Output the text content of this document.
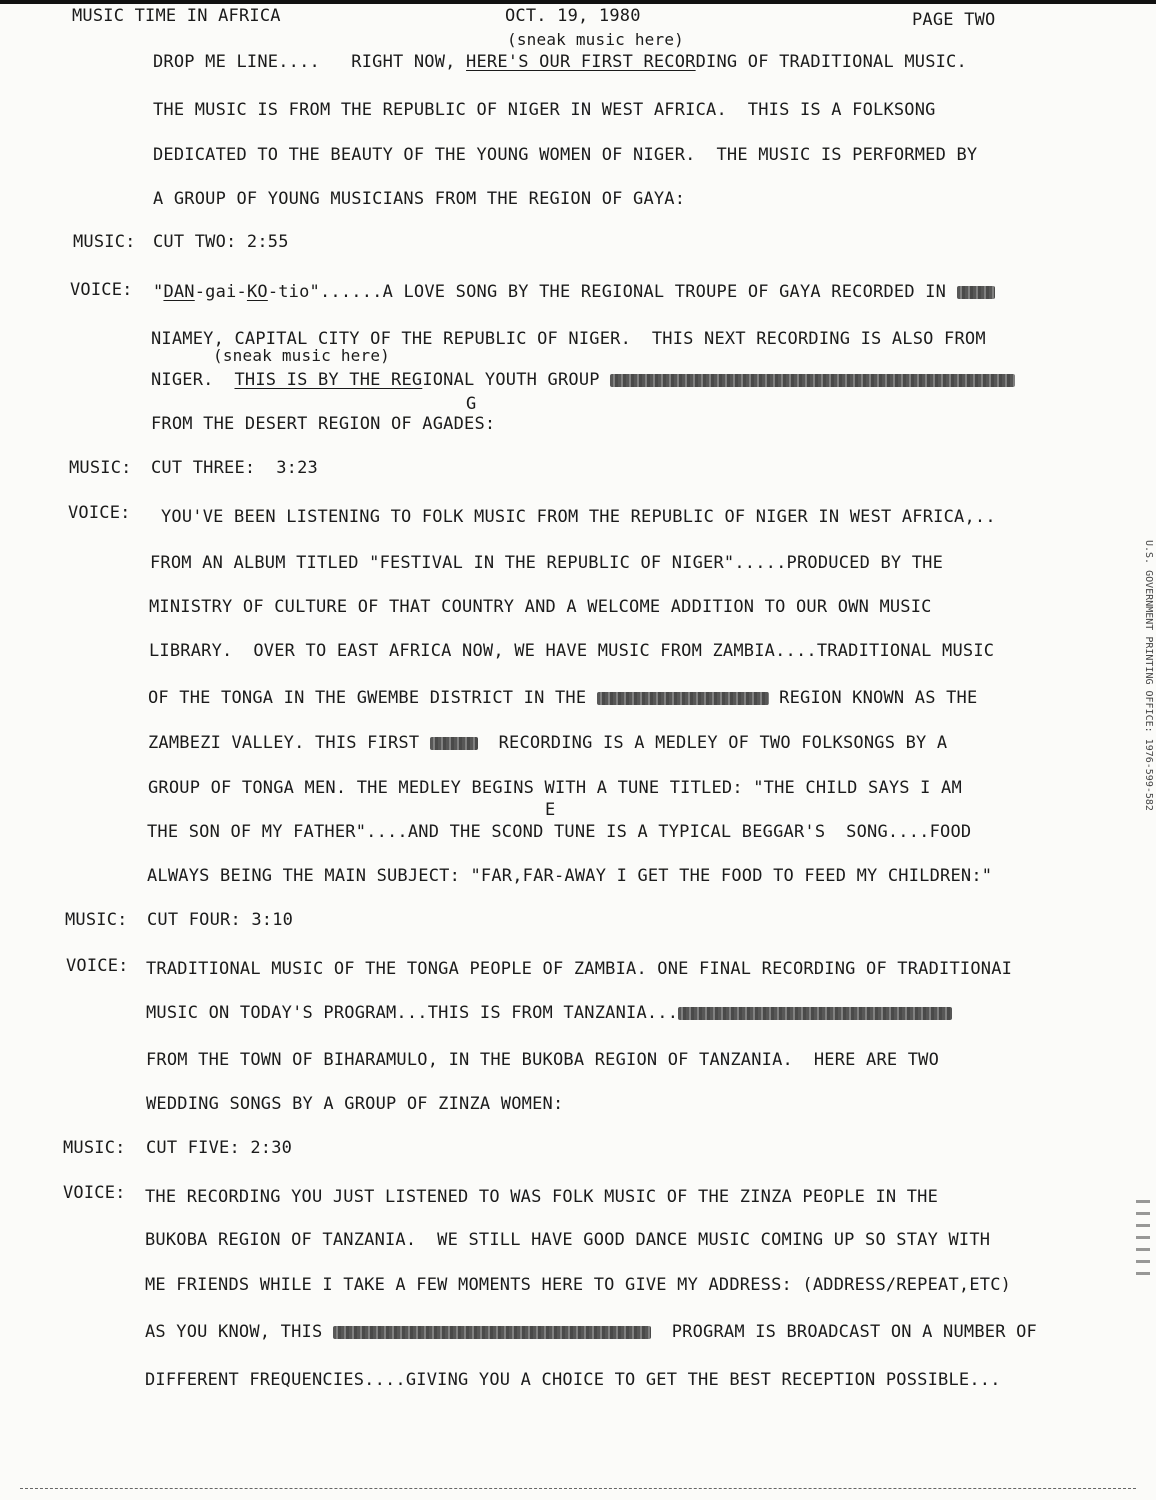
MUSIC TIME IN AFRICA	OCT. 19, 1980	PAGE TWO
(sneak music here)
DROP ME LINE....   RIGHT NOW, HERE'S OUR FIRST RECORDING OF TRADITIONAL MUSIC.
THE MUSIC IS FROM THE REPUBLIC OF NIGER IN WEST AFRICA.  THIS IS A FOLKSONG
DEDICATED TO THE BEAUTY OF THE YOUNG WOMEN OF NIGER.  THE MUSIC IS PERFORMED BY
A GROUP OF YOUNG MUSICIANS FROM THE REGION OF GAYA:
MUSIC: CUT TWO: 2:55
VOICE: "DAN-gai-KO-tio"......A LOVE SONG BY THE REGIONAL TROUPE OF GAYA RECORDED IN
NIAMEY, CAPITAL CITY OF THE REPUBLIC OF NIGER.  THIS NEXT RECORDING IS ALSO FROM
(sneak music here)
NIGER.  THIS IS BY THE REGIONAL YOUTH GROUP
G
FROM THE DESERT REGION OF AGADES:
MUSIC: CUT THREE:  3:23
VOICE: YOU'VE BEEN LISTENING TO FOLK MUSIC FROM THE REPUBLIC OF NIGER IN WEST AFRICA,..
FROM AN ALBUM TITLED "FESTIVAL IN THE REPUBLIC OF NIGER".....PRODUCED BY THE
MINISTRY OF CULTURE OF THAT COUNTRY AND A WELCOME ADDITION TO OUR OWN MUSIC
LIBRARY.  OVER TO EAST AFRICA NOW, WE HAVE MUSIC FROM ZAMBIA....TRADITIONAL MUSIC
OF THE TONGA IN THE GWEMBE DISTRICT IN THE	REGION KNOWN AS THE
ZAMBEZI VALLEY. THIS FIRST	RECORDING IS A MEDLEY OF TWO FOLKSONGS BY A
GROUP OF TONGA MEN. THE MEDLEY BEGINS WITH A TUNE TITLED: "THE CHILD SAYS I AM
E
THE SON OF MY FATHER"....AND THE SCOND TUNE IS A TYPICAL BEGGAR'S  SONG....FOOD
ALWAYS BEING THE MAIN SUBJECT: "FAR,FAR-AWAY I GET THE FOOD TO FEED MY CHILDREN:"
MUSIC: CUT FOUR: 3:10
VOICE: TRADITIONAL MUSIC OF THE TONGA PEOPLE OF ZAMBIA. ONE FINAL RECORDING OF TRADITIONAI
MUSIC ON TODAY'S PROGRAM...THIS IS FROM TANZANIA...
FROM THE TOWN OF BIHARAMULO, IN THE BUKOBA REGION OF TANZANIA.  HERE ARE TWO
WEDDING SONGS BY A GROUP OF ZINZA WOMEN:
MUSIC: CUT FIVE: 2:30
VOICE: THE RECORDING YOU JUST LISTENED TO WAS FOLK MUSIC OF THE ZINZA PEOPLE IN THE
BUKOBA REGION OF TANZANIA.  WE STILL HAVE GOOD DANCE MUSIC COMING UP SO STAY WITH
ME FRIENDS WHILE I TAKE A FEW MOMENTS HERE TO GIVE MY ADDRESS: (ADDRESS/REPEAT,ETC)
AS YOU KNOW, THIS	PROGRAM IS BROADCAST ON A NUMBER OF
DIFFERENT FREQUENCIES....GIVING YOU A CHOICE TO GET THE BEST RECEPTION POSSIBLE...
U.S. GOVERNMENT PRINTING OFFICE: 1976-599-582
